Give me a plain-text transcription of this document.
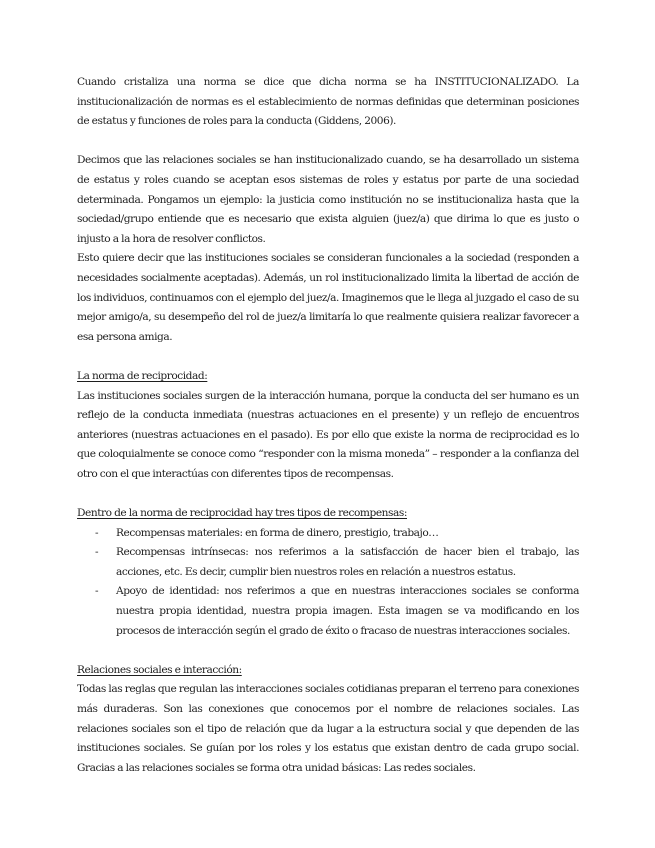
Cuando cristaliza una norma se dice que dicha norma se ha INSTITUCIONALIZADO. La institucionalización de normas es el establecimiento de normas definidas que determinan posiciones de estatus y funciones de roles para la conducta (Giddens, 2006).

Decimos que las relaciones sociales se han institucionalizado cuando, se ha desarrollado un sistema de estatus y roles cuando se aceptan esos sistemas de roles y estatus por parte de una sociedad determinada. Pongamos un ejemplo: la justicia como institución no se institucionaliza hasta que la sociedad/grupo entiende que es necesario que exista alguien (juez/a) que dirima lo que es justo o injusto a la hora de resolver conflictos.

Esto quiere decir que las instituciones sociales se consideran funcionales a la sociedad (responden a necesidades socialmente aceptadas). Además, un rol institucionalizado limita la libertad de acción de los individuos, continuamos con el ejemplo del juez/a. Imaginemos que le llega al juzgado el caso de su mejor amigo/a, su desempeño del rol de juez/a limitaría lo que realmente quisiera realizar favorecer a esa persona amiga.

La norma de reciprocidad:

Las instituciones sociales surgen de la interacción humana, porque la conducta del ser humano es un reflejo de la conducta inmediata (nuestras actuaciones en el presente) y un reflejo de encuentros anteriores (nuestras actuaciones en el pasado). Es por ello que existe la norma de reciprocidad es lo que coloquialmente se conoce como “responder con la misma moneda” – responder a la confianza del otro con el que interactúas con diferentes tipos de recompensas.

Dentro de la norma de reciprocidad hay tres tipos de recompensas:

- Recompensas materiales: en forma de dinero, prestigio, trabajo…
- Recompensas intrínsecas: nos referimos a la satisfacción de hacer bien el trabajo, las acciones, etc. Es decir, cumplir bien nuestros roles en relación a nuestros estatus.
- Apoyo de identidad: nos referimos a que en nuestras interacciones sociales se conforma nuestra propia identidad, nuestra propia imagen. Esta imagen se va modificando en los procesos de interacción según el grado de éxito o fracaso de nuestras interacciones sociales.

Relaciones sociales e interacción:

Todas las reglas que regulan las interacciones sociales cotidianas preparan el terreno para conexiones más duraderas. Son las conexiones que conocemos por el nombre de relaciones sociales. Las relaciones sociales son el tipo de relación que da lugar a la estructura social y que dependen de las instituciones sociales. Se guían por los roles y los estatus que existan dentro de cada grupo social. Gracias a las relaciones sociales se forma otra unidad básicas: Las redes sociales.
